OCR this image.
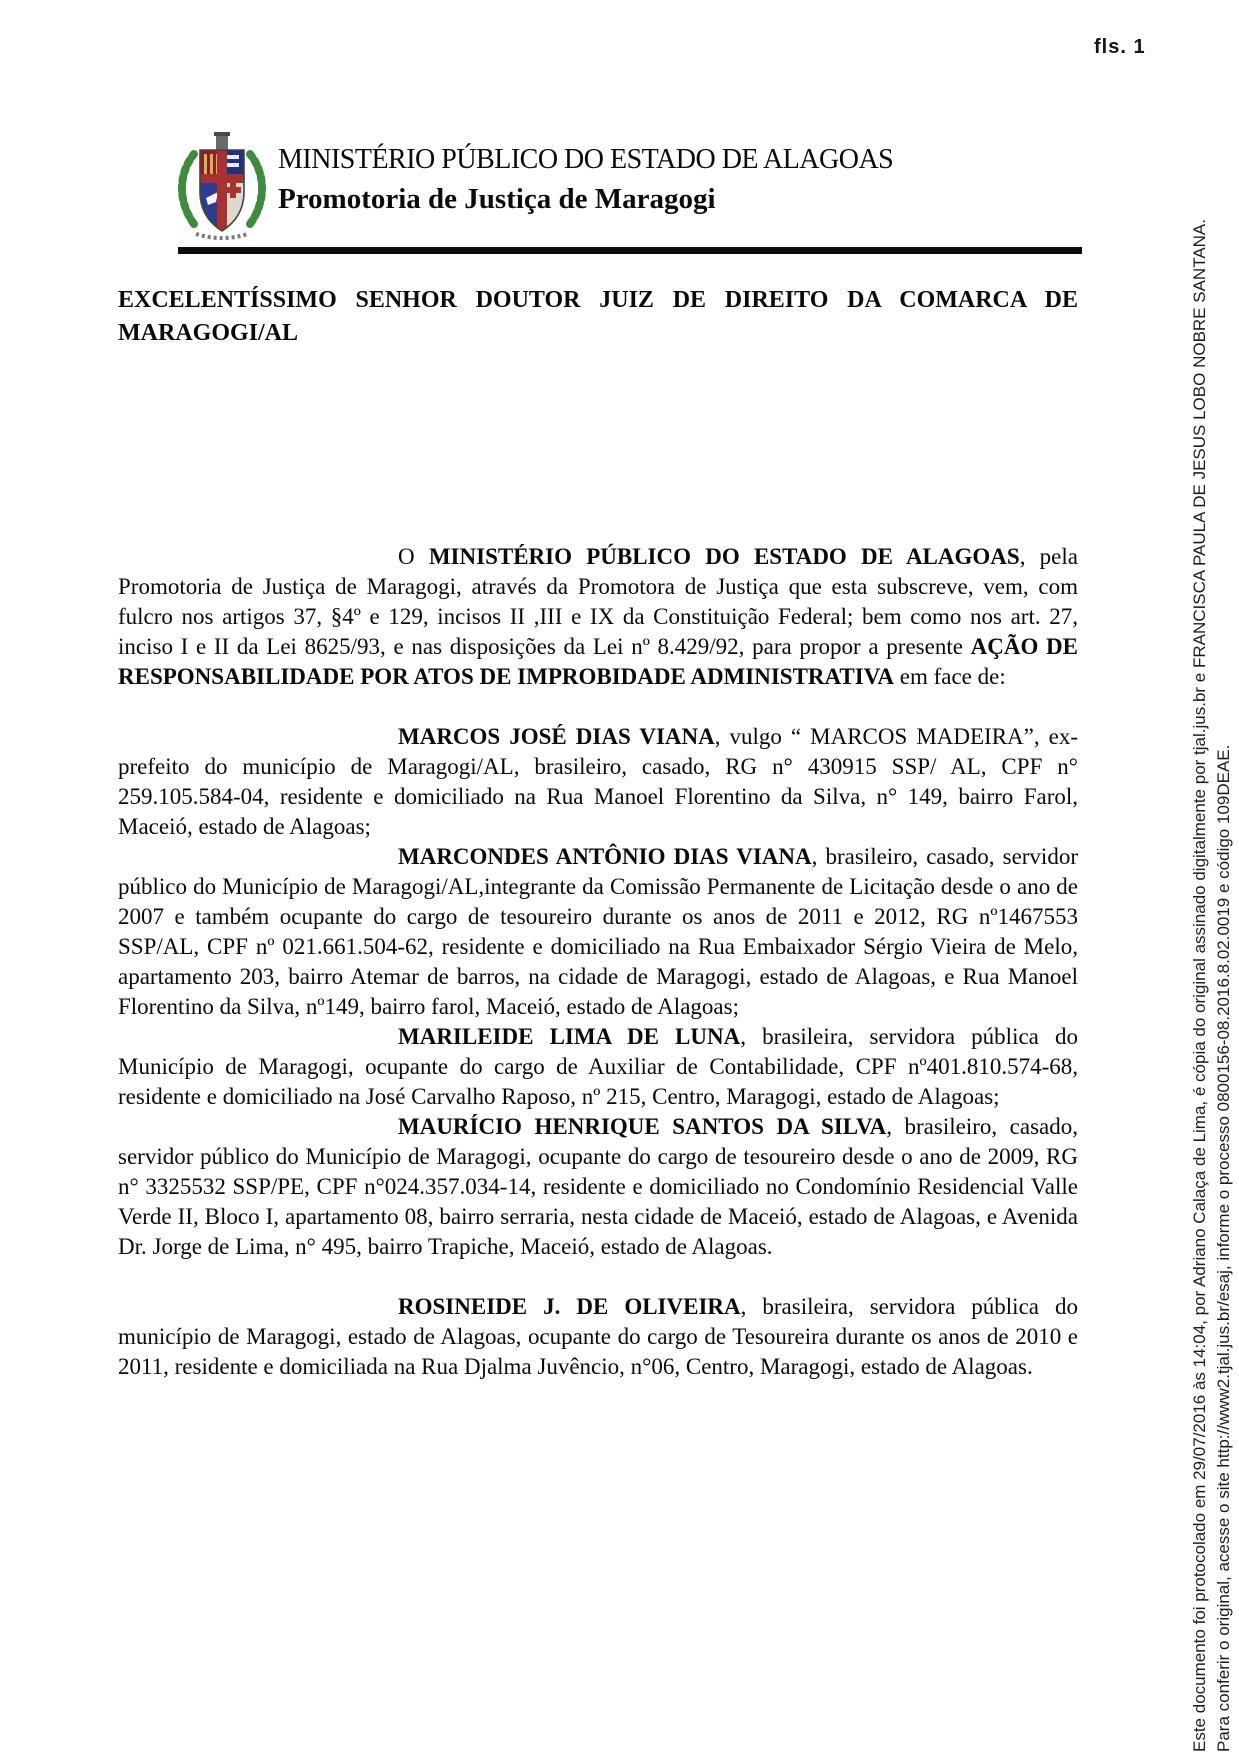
fls. 1
MINISTÉRIO PÚBLICO DO ESTADO DE ALAGOAS
Promotoria de Justiça de Maragogi
EXCELENTÍSSIMO SENHOR DOUTOR JUIZ DE DIREITO DA COMARCA DE
MARAGOGI/AL

O MINISTÉRIO PÚBLICO DO ESTADO DE ALAGOAS, pela Promotoria de Justiça de Maragogi, através da Promotora de Justiça que esta subscreve, vem, com fulcro nos artigos 37, §4º e 129, incisos II ,III e IX da Constituição Federal; bem como nos art. 27, inciso I e II da Lei 8625/93, e nas disposições da Lei nº 8.429/92, para propor a presente AÇÃO DE RESPONSABILIDADE POR ATOS DE IMPROBIDADE ADMINISTRATIVA em face de:

MARCOS JOSÉ DIAS VIANA, vulgo “ MARCOS MADEIRA”, ex-prefeito do município de Maragogi/AL, brasileiro, casado, RG n° 430915 SSP/ AL, CPF n° 259.105.584-04, residente e domiciliado na Rua Manoel Florentino da Silva, n° 149, bairro Farol, Maceió, estado de Alagoas;

MARCONDES ANTÔNIO DIAS VIANA, brasileiro, casado, servidor público do Município de Maragogi/AL,integrante da Comissão Permanente de Licitação desde o ano de 2007 e também ocupante do cargo de tesoureiro durante os anos de 2011 e 2012, RG nº1467553 SSP/AL, CPF nº 021.661.504-62, residente e domiciliado na Rua Embaixador Sérgio Vieira de Melo, apartamento 203, bairro Atemar de barros, na cidade de Maragogi, estado de Alagoas, e Rua Manoel Florentino da Silva, nº149, bairro farol, Maceió, estado de Alagoas;

MARILEIDE LIMA DE LUNA, brasileira, servidora pública do Município de Maragogi, ocupante do cargo de Auxiliar de Contabilidade, CPF nº401.810.574-68, residente e domiciliado na José Carvalho Raposo, nº 215, Centro, Maragogi, estado de Alagoas;

MAURÍCIO HENRIQUE SANTOS DA SILVA, brasileiro, casado, servidor público do Município de Maragogi, ocupante do cargo de tesoureiro desde o ano de 2009, RG n° 3325532 SSP/PE, CPF n°024.357.034-14, residente e domiciliado no Condomínio Residencial Valle Verde II, Bloco I, apartamento 08, bairro serraria, nesta cidade de Maceió, estado de Alagoas, e Avenida Dr. Jorge de Lima, n° 495, bairro Trapiche, Maceió, estado de Alagoas.

ROSINEIDE J. DE OLIVEIRA, brasileira, servidora pública do município de Maragogi, estado de Alagoas, ocupante do cargo de Tesoureira durante os anos de 2010 e 2011, residente e domiciliada na Rua Djalma Juvêncio, n°06, Centro, Maragogi, estado de Alagoas.	Este documento foi protocolado em 29/07/2016 às 14:04, por Adriano Calaça de Lima, é cópia do original assinado digitalmente por tjal.jus.br e FRANCISCA PAULA DE JESUS LOBO NOBRE SANTANA. Para conferir o original, acesse o site http://www2.tjal.jus.br/esaj, informe o processo 0800156-08.2016.8.02.0019 e código 109DEAE.
